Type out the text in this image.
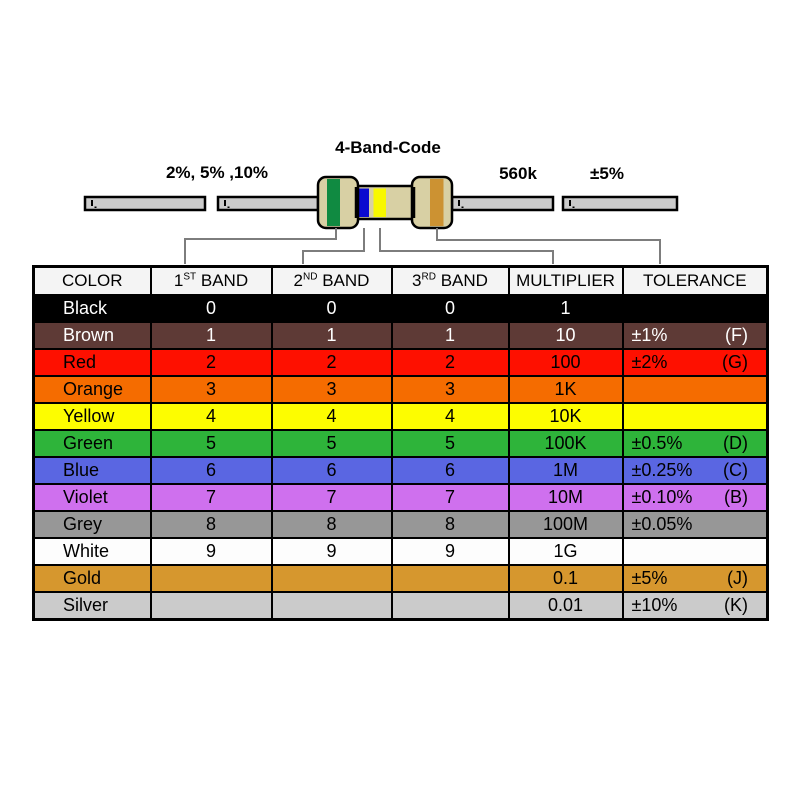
4-Band-Code
2%, 5% ,10%	560k	±5%
COLOR	1ST BAND	2ND BAND	3RD BAND	MULTIPLIER	TOLERANCE
Black	0	0	0	1	

Brown	1	1	1	10	±1% (F)

Red	2	2	2	100	±2% (G)

Orange	3	3	3	1K	

Yellow	4	4	4	10K	

Green	5	5	5	100K	±0.5% (D)

Blue	6	6	6	1M	±0.25% (C)

Violet	7	7	7	10M	±0.10% (B)

Grey	8	8	8	100M	±0.05%

White	9	9	9	1G	

Gold				0.1	±5% (J)

Silver				0.01	±10% (K)
